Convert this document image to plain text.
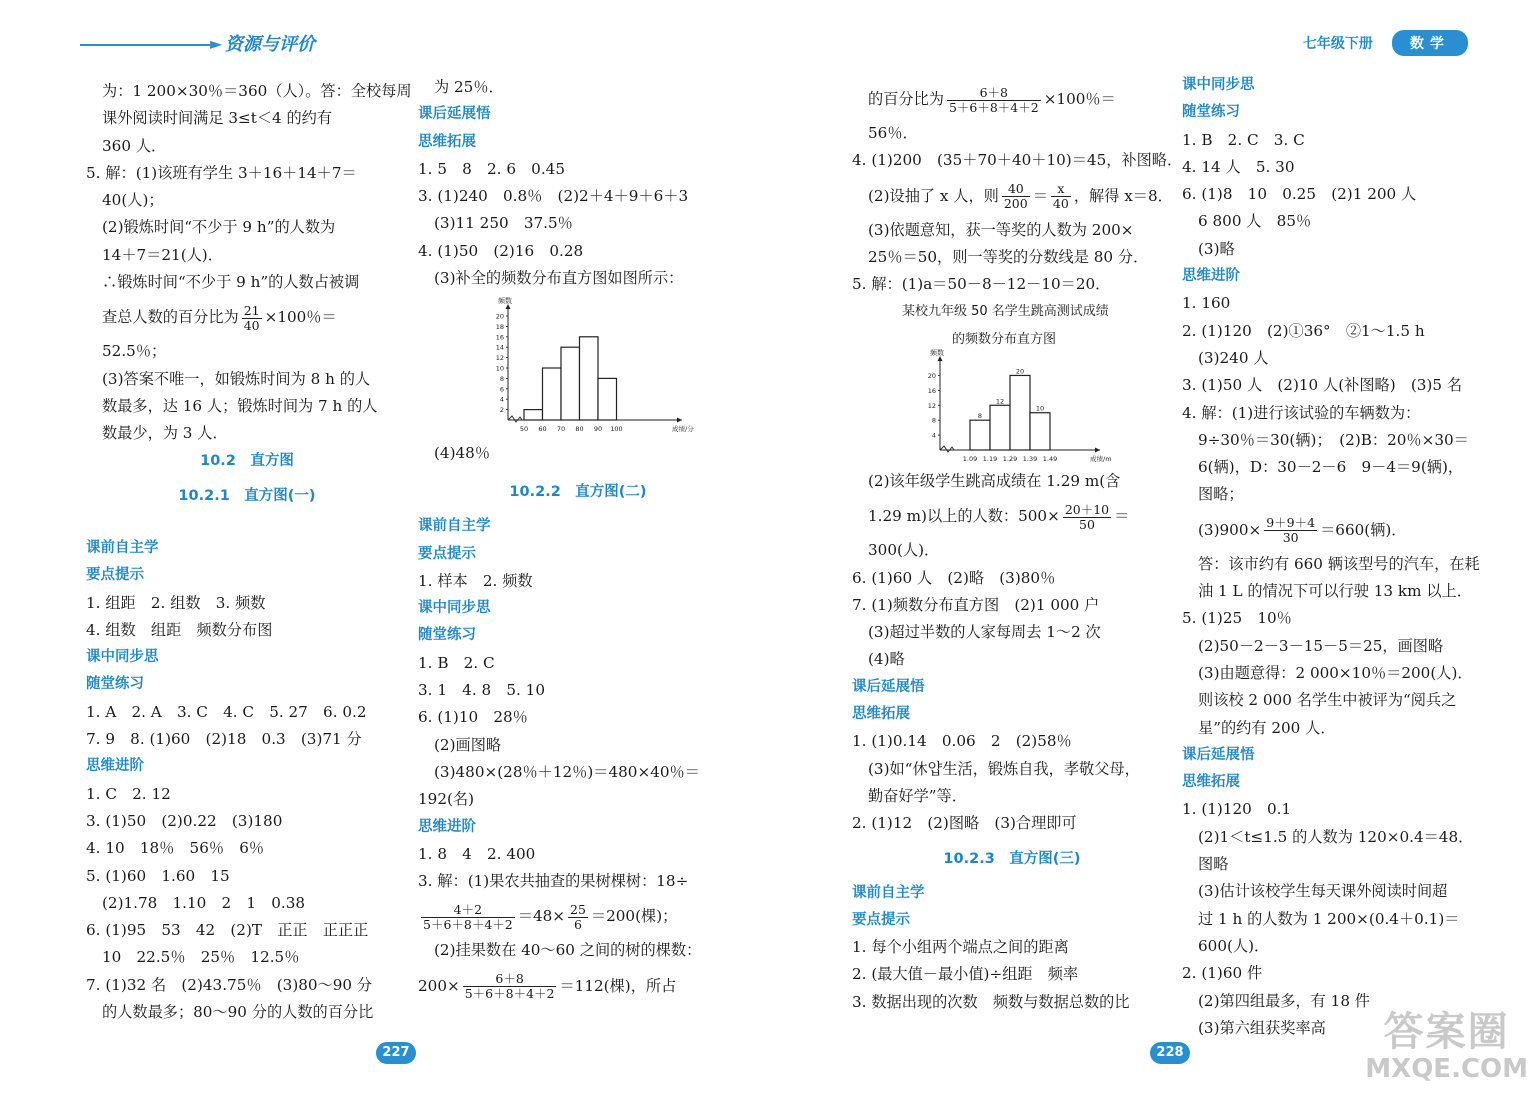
► 资源与评价	七年级下册	数学
为：1 200×30％＝360（人）。答：全校每周
课外阅读时间满足 3≤t＜4 的约有
360 人．
5. 解：(1)该班有学生 3＋16＋14＋7＝
40(人)；
(2)锻炼时间“不少于 9 h”的人数为
14＋7＝21(人)．
∴锻炼时间“不少于 9 h”的人数占被调
查总人数的百分比为 $\frac{21}{40} \times 100$％＝
52.5％；
(3)答案不唯一，如锻炼时间为 8 h 的人
数最多，达 16 人；锻炼时间为 7 h 的人
数最少，为 3 人．
10.2　直方图
10.2.1　直方图(一)
课前自主学
要点提示
1. 组距　2. 组数　3. 频数
4. 组数　组距　频数分布图
课中同步思
随堂练习
1. A　2. A　3. C　4. C　5. 27　6. 0.2
7. 9　8. (1)60　(2)18　0.3　(3)71 分
思维进阶
1. C　2. 12
3. (1)50　(2)0.22　(3)180
4. 10　18％　56％　6％
5. (1)60　1.60　15
(2)1.78　1.10　2　1　0.38
6. (1)95　53　42　(2)T　正正　正正正
10　22.5％　25％　12.5％
7. (1)32 名　(2)43.75％　(3)80～90 分
的人数最多；80～90 分的人数的百分比
为 25％．
课后延展悟
思维拓展
1. 5　8　2. 6　0.45
3. (1)240　0.8％　(2)2＋4＋9＋6＋3
(3)11 250　37.5％
4. (1)50　(2)16　0.28
(3)补全的频数分布直方图如图所示：
(4)48％
10.2.2　直方图(二)
课前自主学
要点提示
1. 样本　2. 频数
课中同步思
随堂练习
1. B　2. C
3. 1　4. 8　5. 10
6. (1)10　28％
(2)画图略
(3)480×(28％＋12％)＝480×40％＝
192(名)
思维进阶
1. 8　4　2. 400
3. 解：(1)果农共抽查的果树棵树：18÷
$\frac{4+2}{5+6+8+4+2} =48\times \frac{25}{6} =200$(棵)；
(2)挂果数在 40～60 之间的树的棵数：
$200\times \frac{6+8}{5+6+8+4+2} =112$(棵)，所占
频数
成绩/分
2
4
6
8
10
12
14
16
18
20
50 60 70 80 90 100
的百分比为 $\frac{6+8}{5+6+8+4+2} \times 100$％＝
56％．
4. (1)200　(35＋70＋40＋10)＝45，补图略．
(2)设抽了 x 人，则 $\frac{40}{200} = \frac{x}{40}$ ，解得 x＝8．
(3)依题意知，获一等奖的人数为 200×
25％＝50，则一等奖的分数线是 80 分．
5. 解：(1)a＝50－8－12－10＝20．
某校九年级 50 名学生跳高测试成绩
的频数分布直方图
频数
成绩/m
4
8
12
16
20
1.09 1.19 1.29 1.39 1.49
8
12
20
10
(2)该年级学生跳高成绩在 1.29 m(含
1.29 m)以上的人数：$500\times \frac{20+10}{50}$ ＝
300(人)．
6. (1)60 人　(2)略　(3)80％
7. (1)频数分布直方图　(2)1 000 户
(3)超过半数的人家每周去 1～2 次
(4)略
课后延展悟
思维拓展
1. (1)0.14　0.06　2　(2)58％
(3)如“休얍生活，锻炼自我，孝敬父母，
勤奋好学”等．
2. (1)12　(2)图略　(3)合理即可
10.2.3　直方图(三)
课前自主学
要点提示
1. 每个小组两个端点之间的距离
2. (最大值－最小值)÷组距　频率
3. 数据出现的次数　频数与数据总数的比
课中同步思
随堂练习
1. B　2. C　3. C
4. 14 人　5. 30
6. (1)8　10　0.25　(2)1 200 人
6 800 人　85％
(3)略
思维进阶
1. 160
2. (1)120　(2)①36°　②1～1.5 h
(3)240 人
3. (1)50 人　(2)10 人(补图略)　(3)5 名
4. 解：(1)进行该试验的车辆数为：
9÷30％＝30(辆)；　(2)B：20％×30＝
6(辆)，D：30－2－6　9－4＝9(辆)，
图略；
$(3)900\times \frac{9+9+4}{30} =660$(辆)．
答：该市约有 660 辆该型号的汽车，在耗
油 1 L 的情况下可以行驶 13 km 以上．
5. (1)25　10％
(2)50－2－3－15－5＝25，画图略
(3)由题意得：2 000×10％＝200(人)．
则该校 2 000 名学生中被评为“阅兵之
星”的约有 200 人．
课后延展悟
思维拓展
1. (1)120　0.1
(2)1＜t≤1.5 的人数为 120×0.4＝48．
图略
(3)估计该校学生每天课外阅读时间超
过 1 h 的人数为 1 200×(0.4＋0.1)＝
600(人)．
2. (1)60 件
(2)第四组最多，有 18 件
(3)第六组获奖率高
227	228	答案圈
MXQE.COM
